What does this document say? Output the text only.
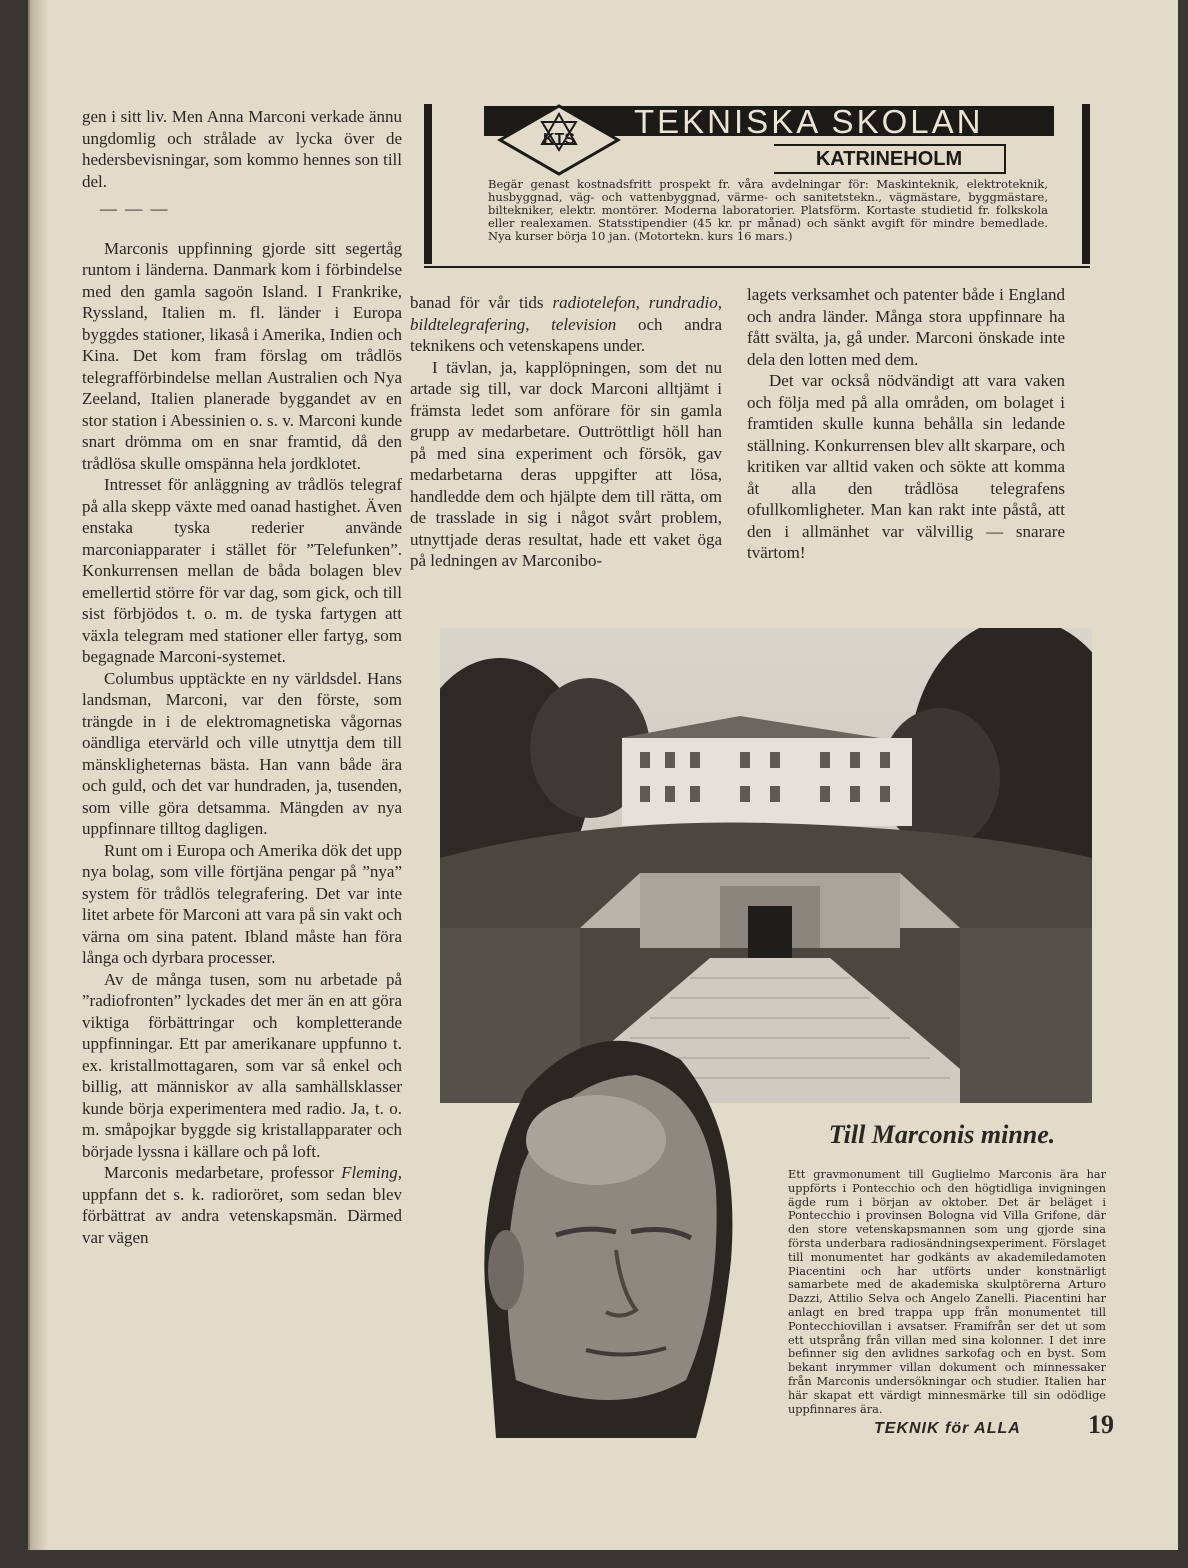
gen i sitt liv. Men Anna Marconi verkade ännu ungdomlig och strålade av lycka över de hedersbevisningar, som kommo hennes son till del.

— — —

Marconis uppfinning gjorde sitt segertåg runtom i länderna. Danmark kom i förbindelse med den gamla sagoön Island. I Frankrike, Ryssland, Italien m. fl. länder i Europa byggdes stationer, likaså i Amerika, Indien och Kina. Det kom fram förslag om trådlös telegrafförbindelse mellan Australien och Nya Zeeland, Italien planerade byggandet av en stor station i Abessinien o. s. v. Marconi kunde snart drömma om en snar framtid, då den trådlösa skulle omspänna hela jordklotet.

Intresset för anläggning av trådlös telegraf på alla skepp växte med oanad hastighet. Även enstaka tyska rederier använde marconiapparater i stället för ”Telefunken”. Konkurrensen mellan de båda bolagen blev emellertid större för var dag, som gick, och till sist förbjödos t. o. m. de tyska fartygen att växla telegram med stationer eller fartyg, som begagnade Marconi-systemet.

Columbus upptäckte en ny världsdel. Hans landsman, Marconi, var den förste, som trängde in i de elektromagnetiska vågornas oändliga etervärld och ville utnyttja dem till mänskligheternas bästa. Han vann både ära och guld, och det var hundraden, ja, tusenden, som ville göra detsamma. Mängden av nya uppfinnare tilltog dagligen.

Runt om i Europa och Amerika dök det upp nya bolag, som ville förtjäna pengar på ”nya” system för trådlös telegrafering. Det var inte litet arbete för Marconi att vara på sin vakt och värna om sina patent. Ibland måste han föra långa och dyrbara processer.

Av de många tusen, som nu arbetade på ”radiofronten” lyckades det mer än en att göra viktiga förbättringar och kompletterande uppfinningar. Ett par amerikanare uppfunno t. ex. kristallmottagaren, som var så enkel och billig, att människor av alla samhällsklasser kunde börja experimentera med radio. Ja, t. o. m. småpojkar byggde sig kristallapparater och började lyssna i källare och på loft.

Marconis medarbetare, professor Fleming, uppfann det s. k. radioröret, som sedan blev förbättrat av andra vetenskapsmän. Därmed var vägen

TEKNISKA SKOLAN
KATRINEHOLM
KTS
Begär genast kostnadsfritt prospekt fr. våra avdelningar för: Maskinteknik, elektroteknik, husbyggnad, väg- och vattenbyggnad, värme- och sanitetstekn., vägmästare, byggmästare, biltekniker, elektr. montörer. Moderna laboratorier. Platsförm. Kortaste studietid fr. folkskola eller realexamen. Statsstipendier (45 kr. pr månad) och sänkt avgift för mindre bemedlade. Nya kurser börja 10 jan. (Motortekn. kurs 16 mars.)

banad för vår tids radiotelefon, rundradio, bildtelegrafering, television och andra teknikens och vetenskapens under.

I tävlan, ja, kapplöpningen, som det nu artade sig till, var dock Marconi alltjämt i främsta ledet som anförare för sin gamla grupp av medarbetare. Outtröttligt höll han på med sina experiment och försök, gav medarbetarna deras uppgifter att lösa, handledde dem och hjälpte dem till rätta, om de trasslade in sig i något svårt problem, utnyttjade deras resultat, hade ett vaket öga på ledningen av Marconibo-

lagets verksamhet och patenter både i England och andra länder. Många stora uppfinnare ha fått svälta, ja, gå under. Marconi önskade inte dela den lotten med dem.

Det var också nödvändigt att vara vaken och följa med på alla områden, om bolaget i framtiden skulle kunna behålla sin ledande ställning. Konkurrensen blev allt skarpare, och kritiken var alltid vaken och sökte att komma åt alla den trådlösa telegrafens ofullkomligheter. Man kan rakt inte påstå, att den i allmänhet var välvillig — snarare tvärtom!

Till Marconis minne.
Ett gravmonument till Guglielmo Marconis ära har uppförts i Pontecchio och den högtidliga invigningen ägde rum i början av oktober. Det är beläget i Pontecchio i provinsen Bologna vid Villa Grifone, där den store vetenskapsmannen som ung gjorde sina första underbara radiosändningsexperiment. Förslaget till monumentet har godkänts av akademiledamoten Piacentini och har utförts under konstnärligt samarbete med de akademiska skulptörerna Arturo Dazzi, Attilio Selva och Angelo Zanelli. Piacentini har anlagt en bred trappa upp från monumentet till Pontecchiovillan i avsatser. Framifrån ser det ut som ett utsprång från villan med sina kolonner. I det inre befinner sig den avlidnes sarkofag och en byst. Som bekant inrymmer villan dokument och minnessaker från Marconis undersökningar och studier. Italien har här skapat ett värdigt minnesmärke till sin odödlige uppfinnares ära.
TEKNIK för ALLA	19
